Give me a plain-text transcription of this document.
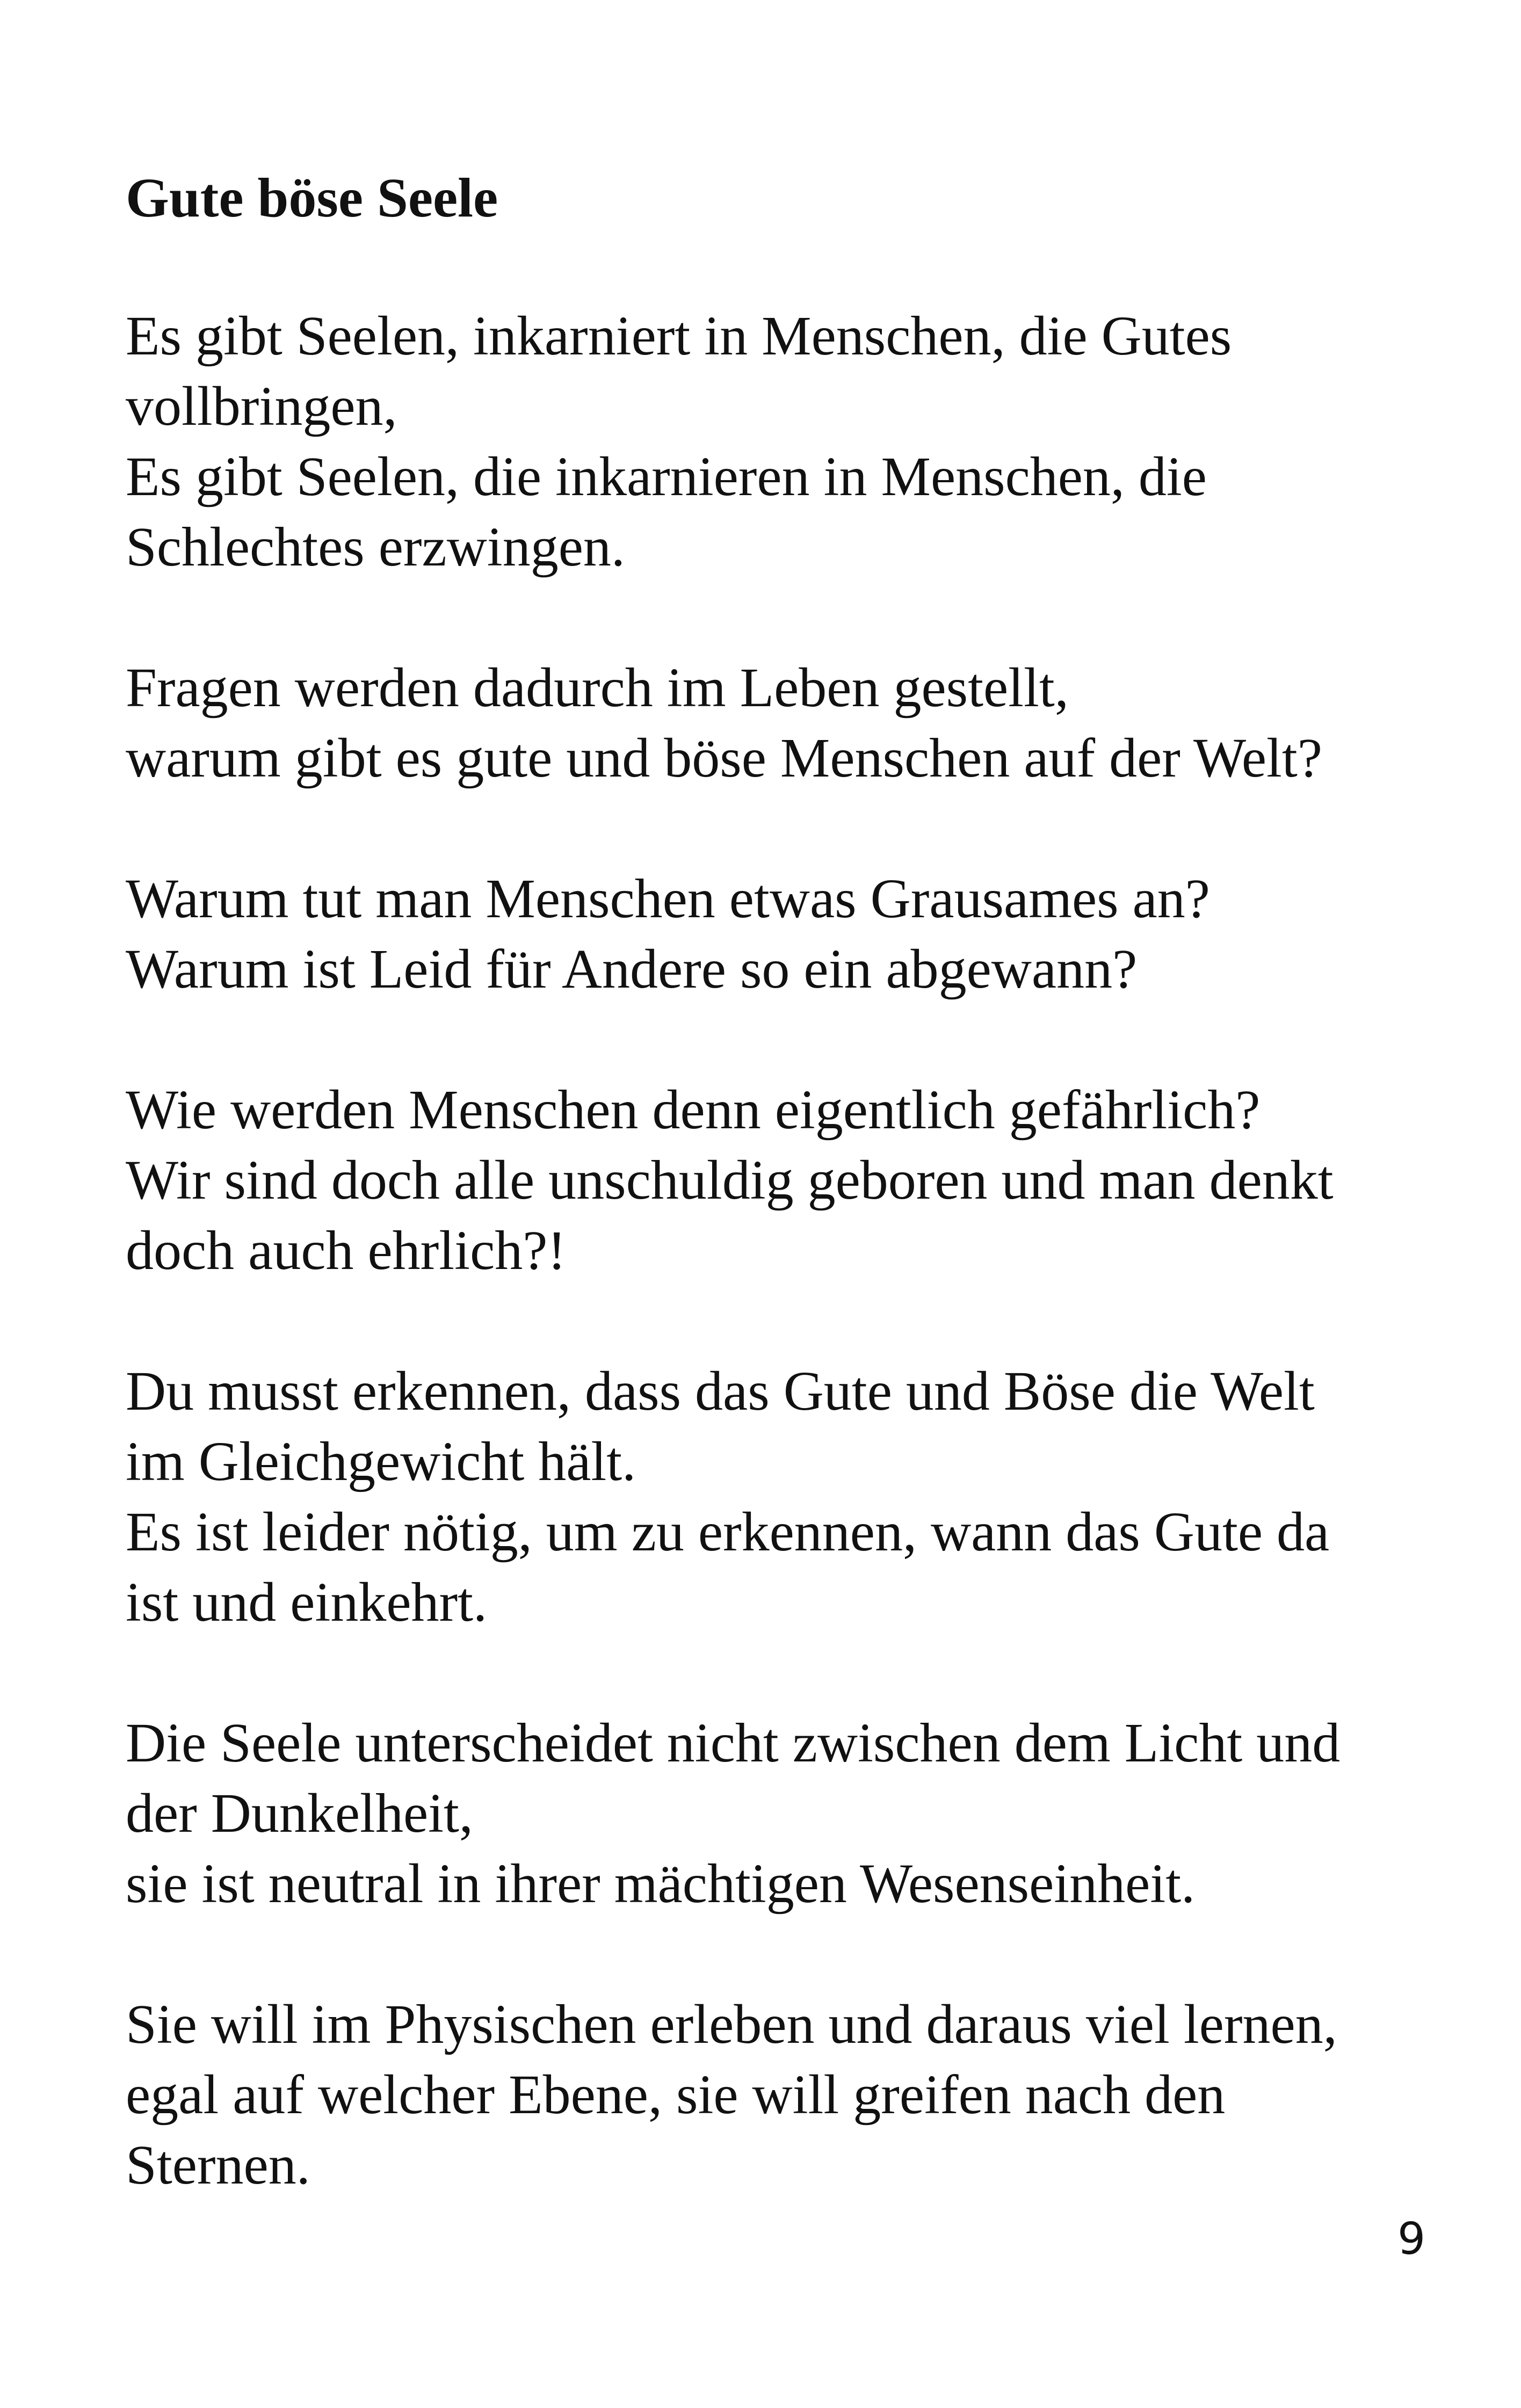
Gute böse Seele

Es gibt Seelen, inkarniert in Menschen, die Gutes
vollbringen,
Es gibt Seelen, die inkarnieren in Menschen, die
Schlechtes erzwingen.

Fragen werden dadurch im Leben gestellt,
warum gibt es gute und böse Menschen auf der Welt?

Warum tut man Menschen etwas Grausames an?
Warum ist Leid für Andere so ein abgewann?

Wie werden Menschen denn eigentlich gefährlich?
Wir sind doch alle unschuldig geboren und man denkt
doch auch ehrlich?!

Du musst erkennen, dass das Gute und Böse die Welt
im Gleichgewicht hält.
Es ist leider nötig, um zu erkennen, wann das Gute da
ist und einkehrt.

Die Seele unterscheidet nicht zwischen dem Licht und
der Dunkelheit,
sie ist neutral in ihrer mächtigen Wesenseinheit.

Sie will im Physischen erleben und daraus viel lernen,
egal auf welcher Ebene, sie will greifen nach den
Sternen.

9
